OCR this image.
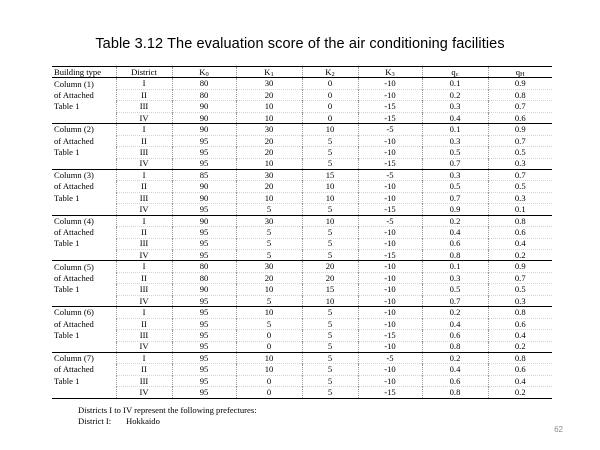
Table 3.12 The evaluation score of the air conditioning facilities
Building type	District	$K_0$	$K_1$	$K_2$	$K_3$	$q_c$	$q_H$
Column (1)	I	80	30	0	-10	0.1	0.9
of Attached	II	80	20	0	-10	0.2	0.8
Table 1	III	90	10	0	-15	0.3	0.7
	IV	90	10	0	-15	0.4	0.6
Column (2)	I	90	30	10	-5	0.1	0.9
of Attached	II	95	20	5	-10	0.3	0.7
Table 1	III	95	20	5	-10	0.5	0.5
	IV	95	10	5	-15	0.7	0.3
Column (3)	I	85	30	15	-5	0.3	0.7
of Attached	II	90	20	10	-10	0.5	0.5
Table 1	III	90	10	10	-10	0.7	0.3
	IV	95	5	5	-15	0.9	0.1
Column (4)	I	90	30	10	-5	0.2	0.8
of Attached	II	95	5	5	-10	0.4	0.6
Table 1	III	95	5	5	-10	0.6	0.4
	IV	95	5	5	-15	0.8	0.2
Column (5)	I	80	30	20	-10	0.1	0.9
of Attached	II	80	20	20	-10	0.3	0.7
Table 1	III	90	10	15	-10	0.5	0.5
	IV	95	5	10	-10	0.7	0.3
Column (6)	I	95	10	5	-10	0.2	0.8
of Attached	II	95	5	5	-10	0.4	0.6
Table 1	III	95	0	5	-15	0.6	0.4
	IV	95	0	5	-10	0.8	0.2
Column (7)	I	95	10	5	-5	0.2	0.8
of Attached	II	95	10	5	-10	0.4	0.6
Table 1	III	95	0	5	-10	0.6	0.4
	IV	95	0	5	-15	0.8	0.2
Districts I to IV represent the following prefectures:
District I: Hokkaido
62
